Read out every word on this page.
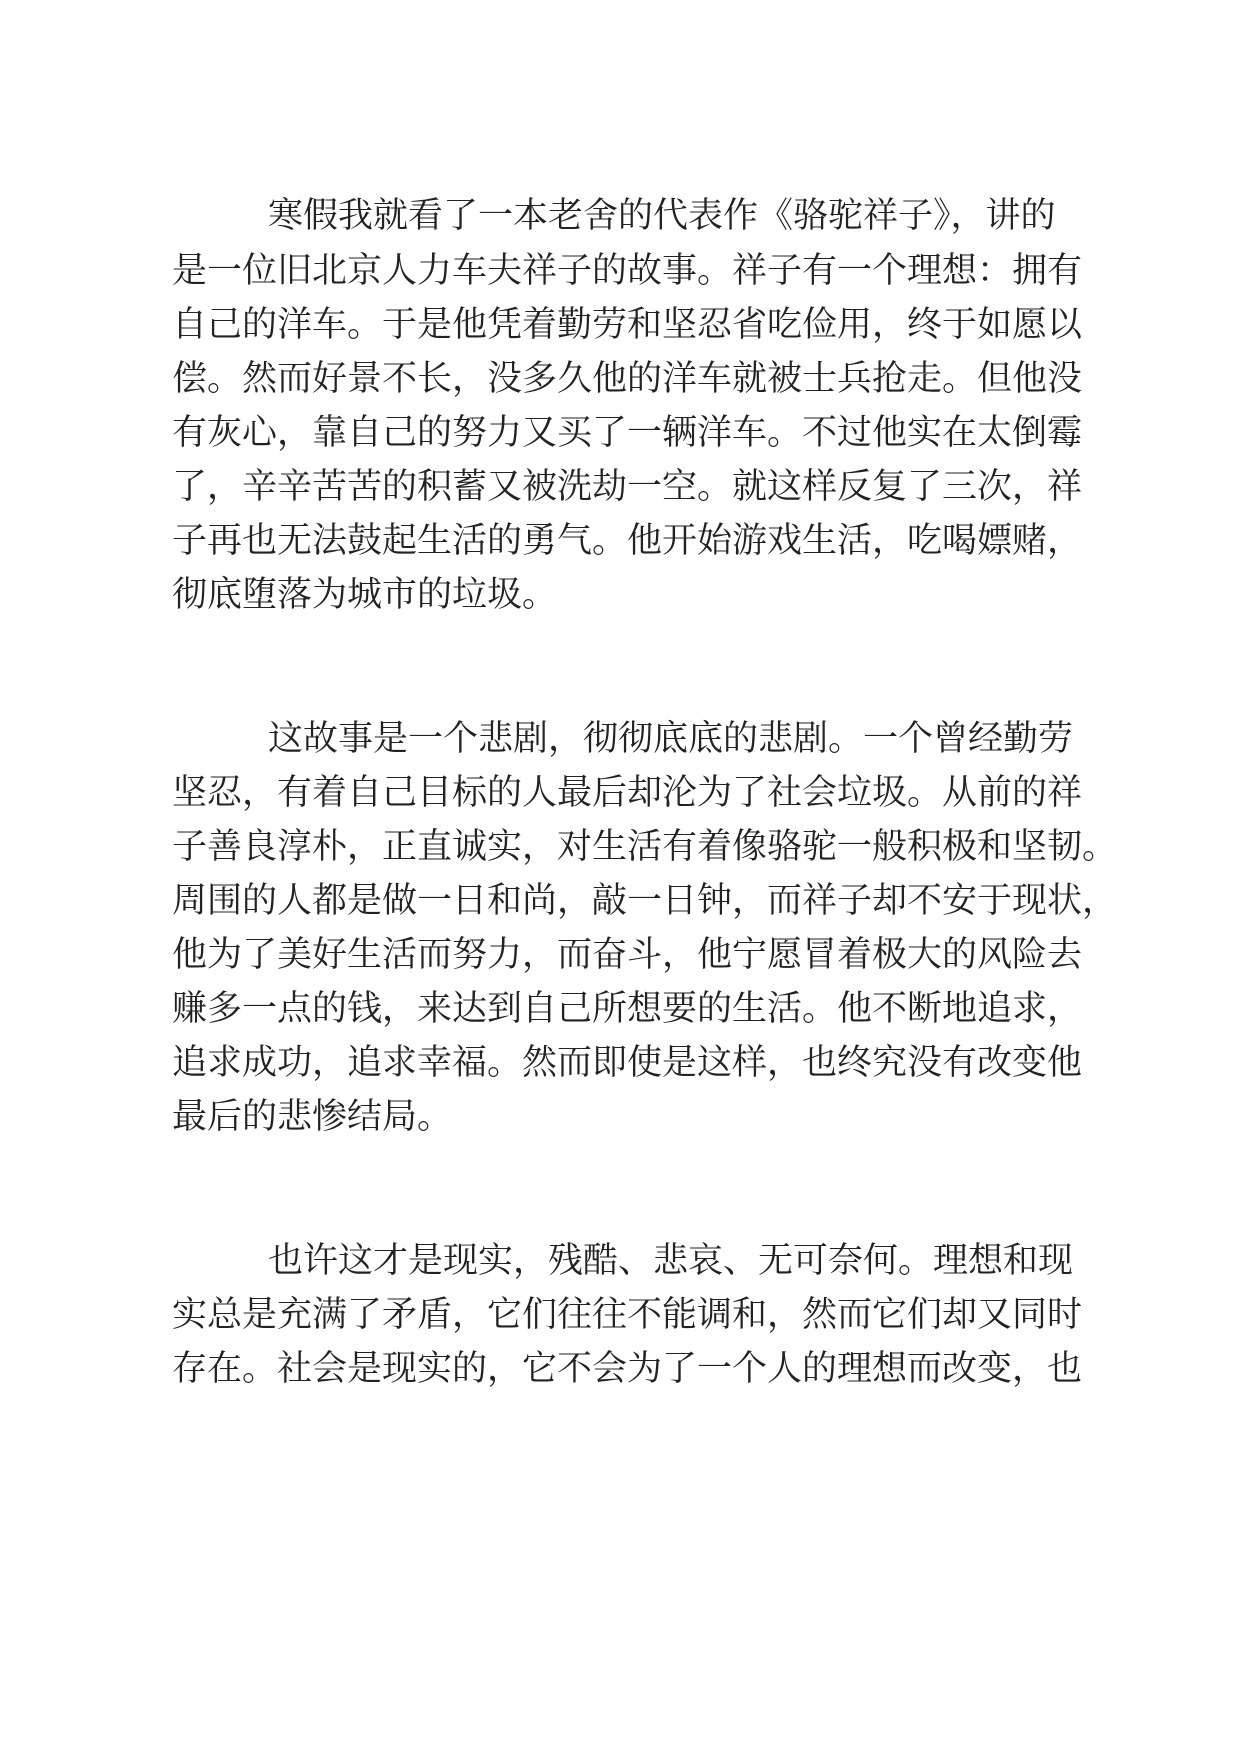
寒假我就看了一本老舍的代表作《骆驼祥子》，讲的

是一位旧北京人力车夫祥子的故事。祥子有一个理想：拥有

自己的洋车。于是他凭着勤劳和坚忍省吃俭用，终于如愿以

偿。然而好景不长，没多久他的洋车就被士兵抢走。但他没

有灰心，靠自己的努力又买了一辆洋车。不过他实在太倒霉

了，辛辛苦苦的积蓄又被洗劫一空。就这样反复了三次，祥

子再也无法鼓起生活的勇气。他开始游戏生活，吃喝嫖赌，

彻底堕落为城市的垃圾。

这故事是一个悲剧，彻彻底底的悲剧。一个曾经勤劳

坚忍，有着自己目标的人最后却沦为了社会垃圾。从前的祥

子善良淳朴，正直诚实，对生活有着像骆驼一般积极和坚韧。

周围的人都是做一日和尚，敲一日钟，而祥子却不安于现状，

他为了美好生活而努力，而奋斗，他宁愿冒着极大的风险去

赚多一点的钱，来达到自己所想要的生活。他不断地追求，

追求成功，追求幸福。然而即使是这样，也终究没有改变他

最后的悲惨结局。

也许这才是现实，残酷、悲哀、无可奈何。理想和现

实总是充满了矛盾，它们往往不能调和，然而它们却又同时

存在。社会是现实的，它不会为了一个人的理想而改变，也
